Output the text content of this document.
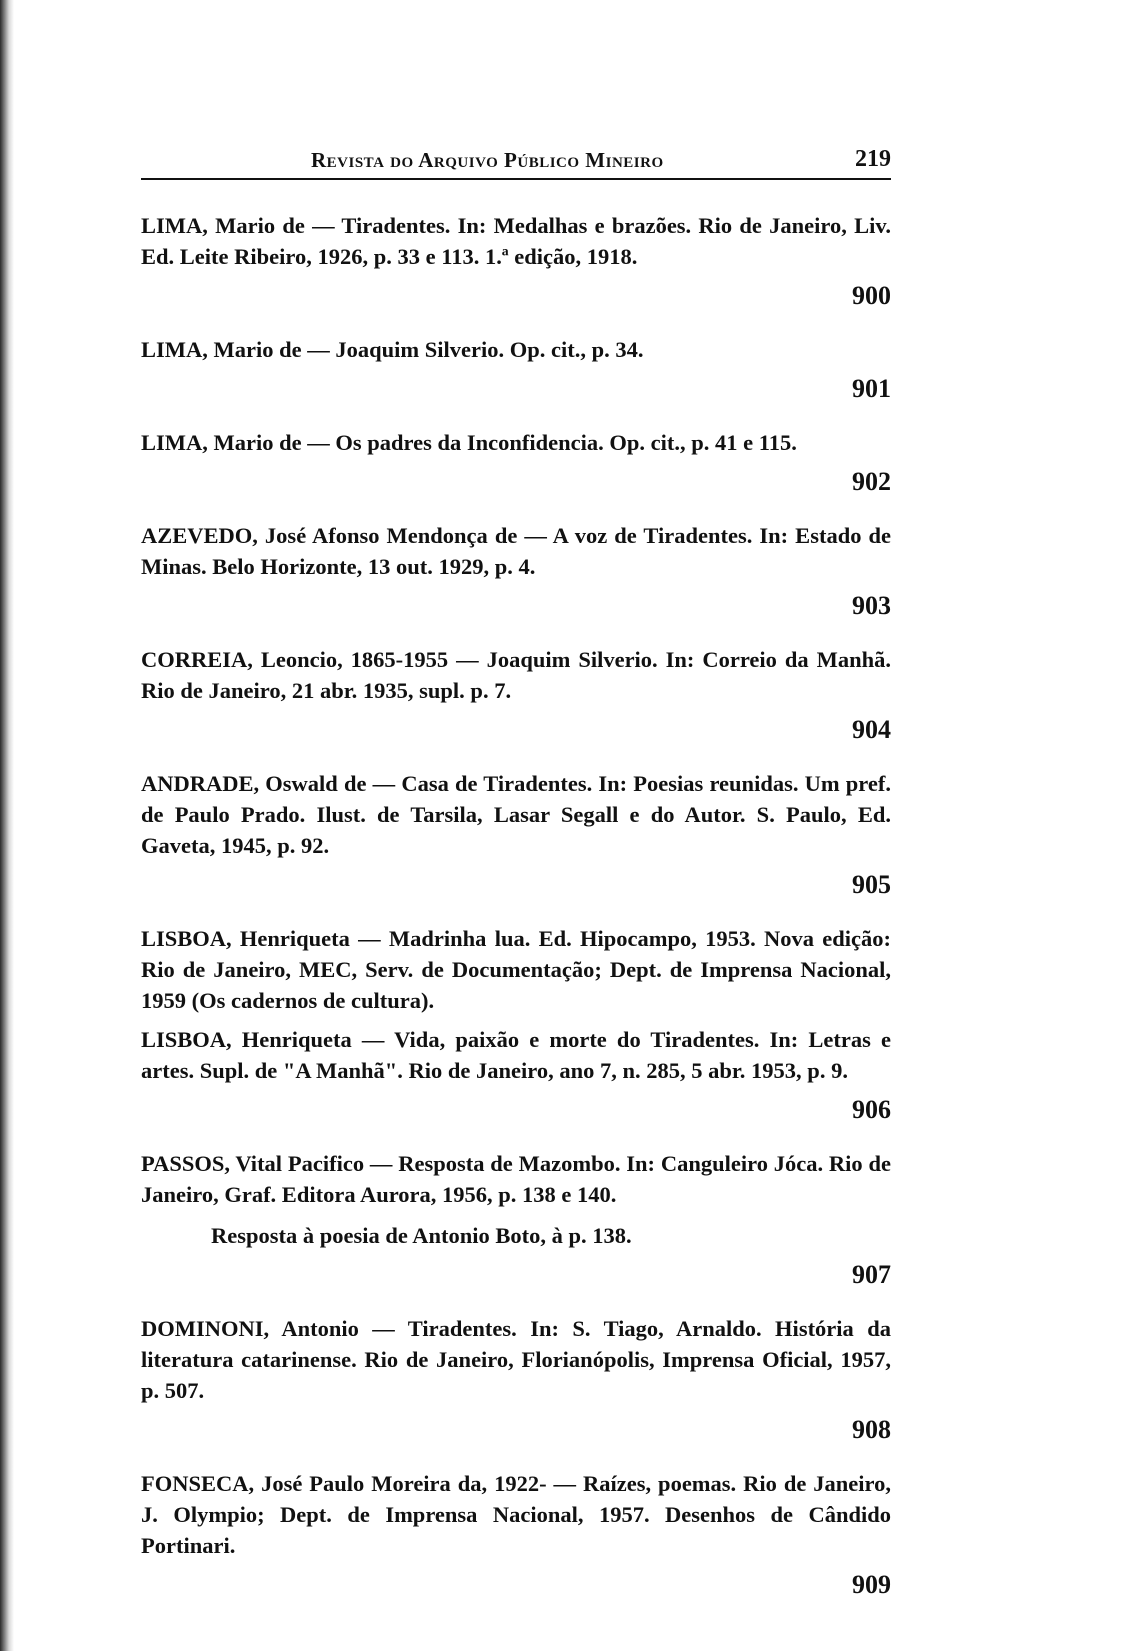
Revista do Arquivo Público Mineiro	219
LIMA, Mario de — Tiradentes. In: Medalhas e brazões. Rio de Janeiro, Liv. Ed. Leite Ribeiro, 1926, p. 33 e 113. 1.ª edição, 1918.
900
LIMA, Mario de — Joaquim Silverio. Op. cit., p. 34.
901
LIMA, Mario de — Os padres da Inconfidencia. Op. cit., p. 41 e 115.
902
AZEVEDO, José Afonso Mendonça de — A voz de Tiradentes. In: Estado de Minas. Belo Horizonte, 13 out. 1929, p. 4.
903
CORREIA, Leoncio, 1865-1955 — Joaquim Silverio. In: Correio da Manhã. Rio de Janeiro, 21 abr. 1935, supl. p. 7.
904
ANDRADE, Oswald de — Casa de Tiradentes. In: Poesias reunidas. Um pref. de Paulo Prado. Ilust. de Tarsila, Lasar Segall e do Autor. S. Paulo, Ed. Gaveta, 1945, p. 92.
905
LISBOA, Henriqueta — Madrinha lua. Ed. Hipocampo, 1953. Nova edição: Rio de Janeiro, MEC, Serv. de Documentação; Dept. de Imprensa Nacional, 1959 (Os cadernos de cultura).
LISBOA, Henriqueta — Vida, paixão e morte do Tiradentes. In: Letras e artes. Supl. de "A Manhã". Rio de Janeiro, ano 7, n. 285, 5 abr. 1953, p. 9.
906
PASSOS, Vital Pacifico — Resposta de Mazombo. In: Canguleiro Jóca. Rio de Janeiro, Graf. Editora Aurora, 1956, p. 138 e 140.
Resposta à poesia de Antonio Boto, à p. 138.
907
DOMINONI, Antonio — Tiradentes. In: S. Tiago, Arnaldo. História da literatura catarinense. Rio de Janeiro, Florianópolis, Imprensa Oficial, 1957, p. 507.
908
FONSECA, José Paulo Moreira da, 1922- — Raízes, poemas. Rio de Janeiro, J. Olympio; Dept. de Imprensa Nacional, 1957. Desenhos de Cândido Portinari.
909
